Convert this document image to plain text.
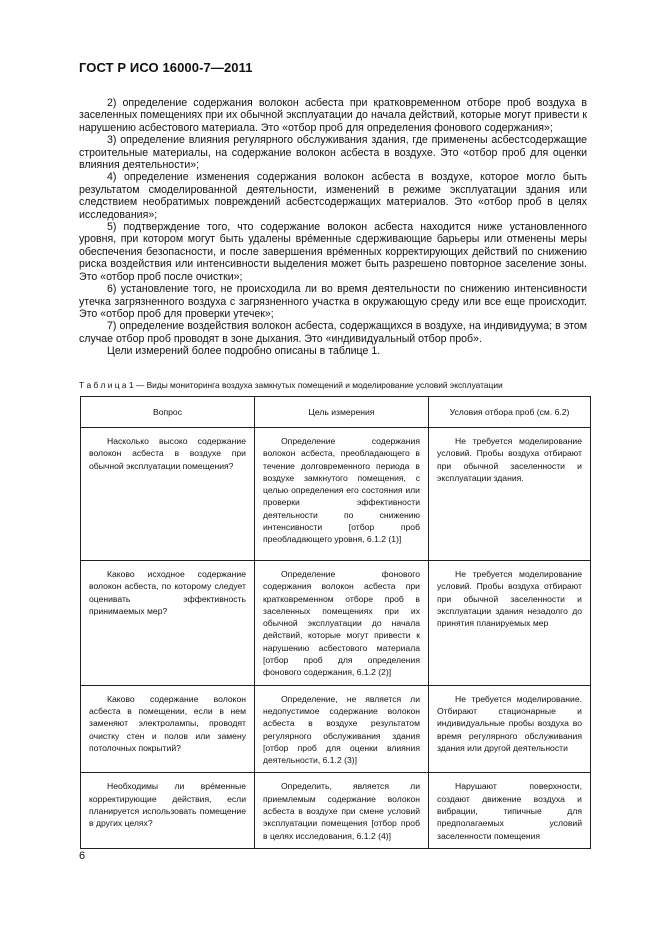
ГОСТ Р ИСО 16000-7—2011

2) определение содержания волокон асбеста при кратковременном отборе проб воздуха в заселенных помещениях при их обычной эксплуатации до начала действий, которые могут привести к нарушению асбестового материала. Это «отбор проб для определения фонового содержания»;

3) определение влияния регулярного обслуживания здания, где применены асбестсодержащие строительные материалы, на содержание волокон асбеста в воздухе. Это «отбор проб для оценки влияния деятельности»;

4) определение изменения содержания волокон асбеста в воздухе, которое могло быть результатом смоделированной деятельности, изменений в режиме эксплуатации здания или следствием необратимых повреждений асбестсодержащих материалов. Это «отбор проб в целях исследования»;

5) подтверждение того, что содержание волокон асбеста находится ниже установленного уровня, при котором могут быть удалены вре́менные сдерживающие барьеры или отменены меры обеспечения безопасности, и после завершения вре́менных корректирующих действий по снижению риска воздействия или интенсивности выделения может быть разрешено повторное заселение зоны. Это «отбор проб после очистки»;

6) установление того, не происходила ли во время деятельности по снижению интенсивности утечка загрязненного воздуха с загрязненного участка в окружающую среду или все еще происходит. Это «отбор проб для проверки утечек»;

7) определение воздействия волокон асбеста, содержащихся в воздухе, на индивидуума; в этом случае отбор проб проводят в зоне дыхания. Это «индивидуальный отбор проб».

Цели измерений более подробно описаны в таблице 1.

Т а б л и ц а 1 — Виды мониторинга воздуха замкнутых помещений и моделирование условий эксплуатации
Вопрос	Цель измерения	Условия отбора проб (см. 6.2)

Насколько высоко содержание волокон асбеста в воздухе при обычной эксплуатации помещения?	Определение содержания волокон асбеста, преобладающего в течение долговременного периода в воздухе замкнутого помещения, с целью определения его состояния или проверки эффективности деятельности по снижению интенсивности [отбор проб преобладающего уровня, 6.1.2 (1)]	Не требуется моделирование условий. Пробы воздуха отбирают при обычной заселенности и эксплуатации здания.

Каково исходное содержание волокон асбеста, по которому следует оценивать эффективность принимаемых мер?	Определение фонового содержания волокон асбеста при кратковременном отборе проб в заселенных помещениях при их обычной эксплуатации до начала действий, которые могут привести к нарушению асбестового материала [отбор проб для определения фонового содержания, 6.1.2 (2)]	Не требуется моделирование условий. Пробы воздуха отбирают при обычной заселенности и эксплуатации здания незадолго до принятия планируемых мер

Каково содержание волокон асбеста в помещении, если в нем заменяют электролампы, проводят очистку стен и полов или замену потолочных покрытий?	Определение, не является ли недопустимое содержание волокон асбеста в воздухе результатом регулярного обслуживания здания [отбор проб для оценки влияния деятельности, 6.1.2 (3)]	Не требуется моделирование. Отбирают стационарные и индивидуальные пробы воздуха во время регулярного обслуживания здания или другой деятельности

Необходимы ли вре́менные корректирующие действия, если планируется использовать помещение в других целях?	Определить, является ли приемлемым содержание волокон асбеста в воздухе при смене условий эксплуатации помещения [отбор проб в целях исследования, 6.1.2 (4)]	Нарушают поверхности, создают движение воздуха и вибрации, типичные для предполагаемых условий заселенности помещения
6
